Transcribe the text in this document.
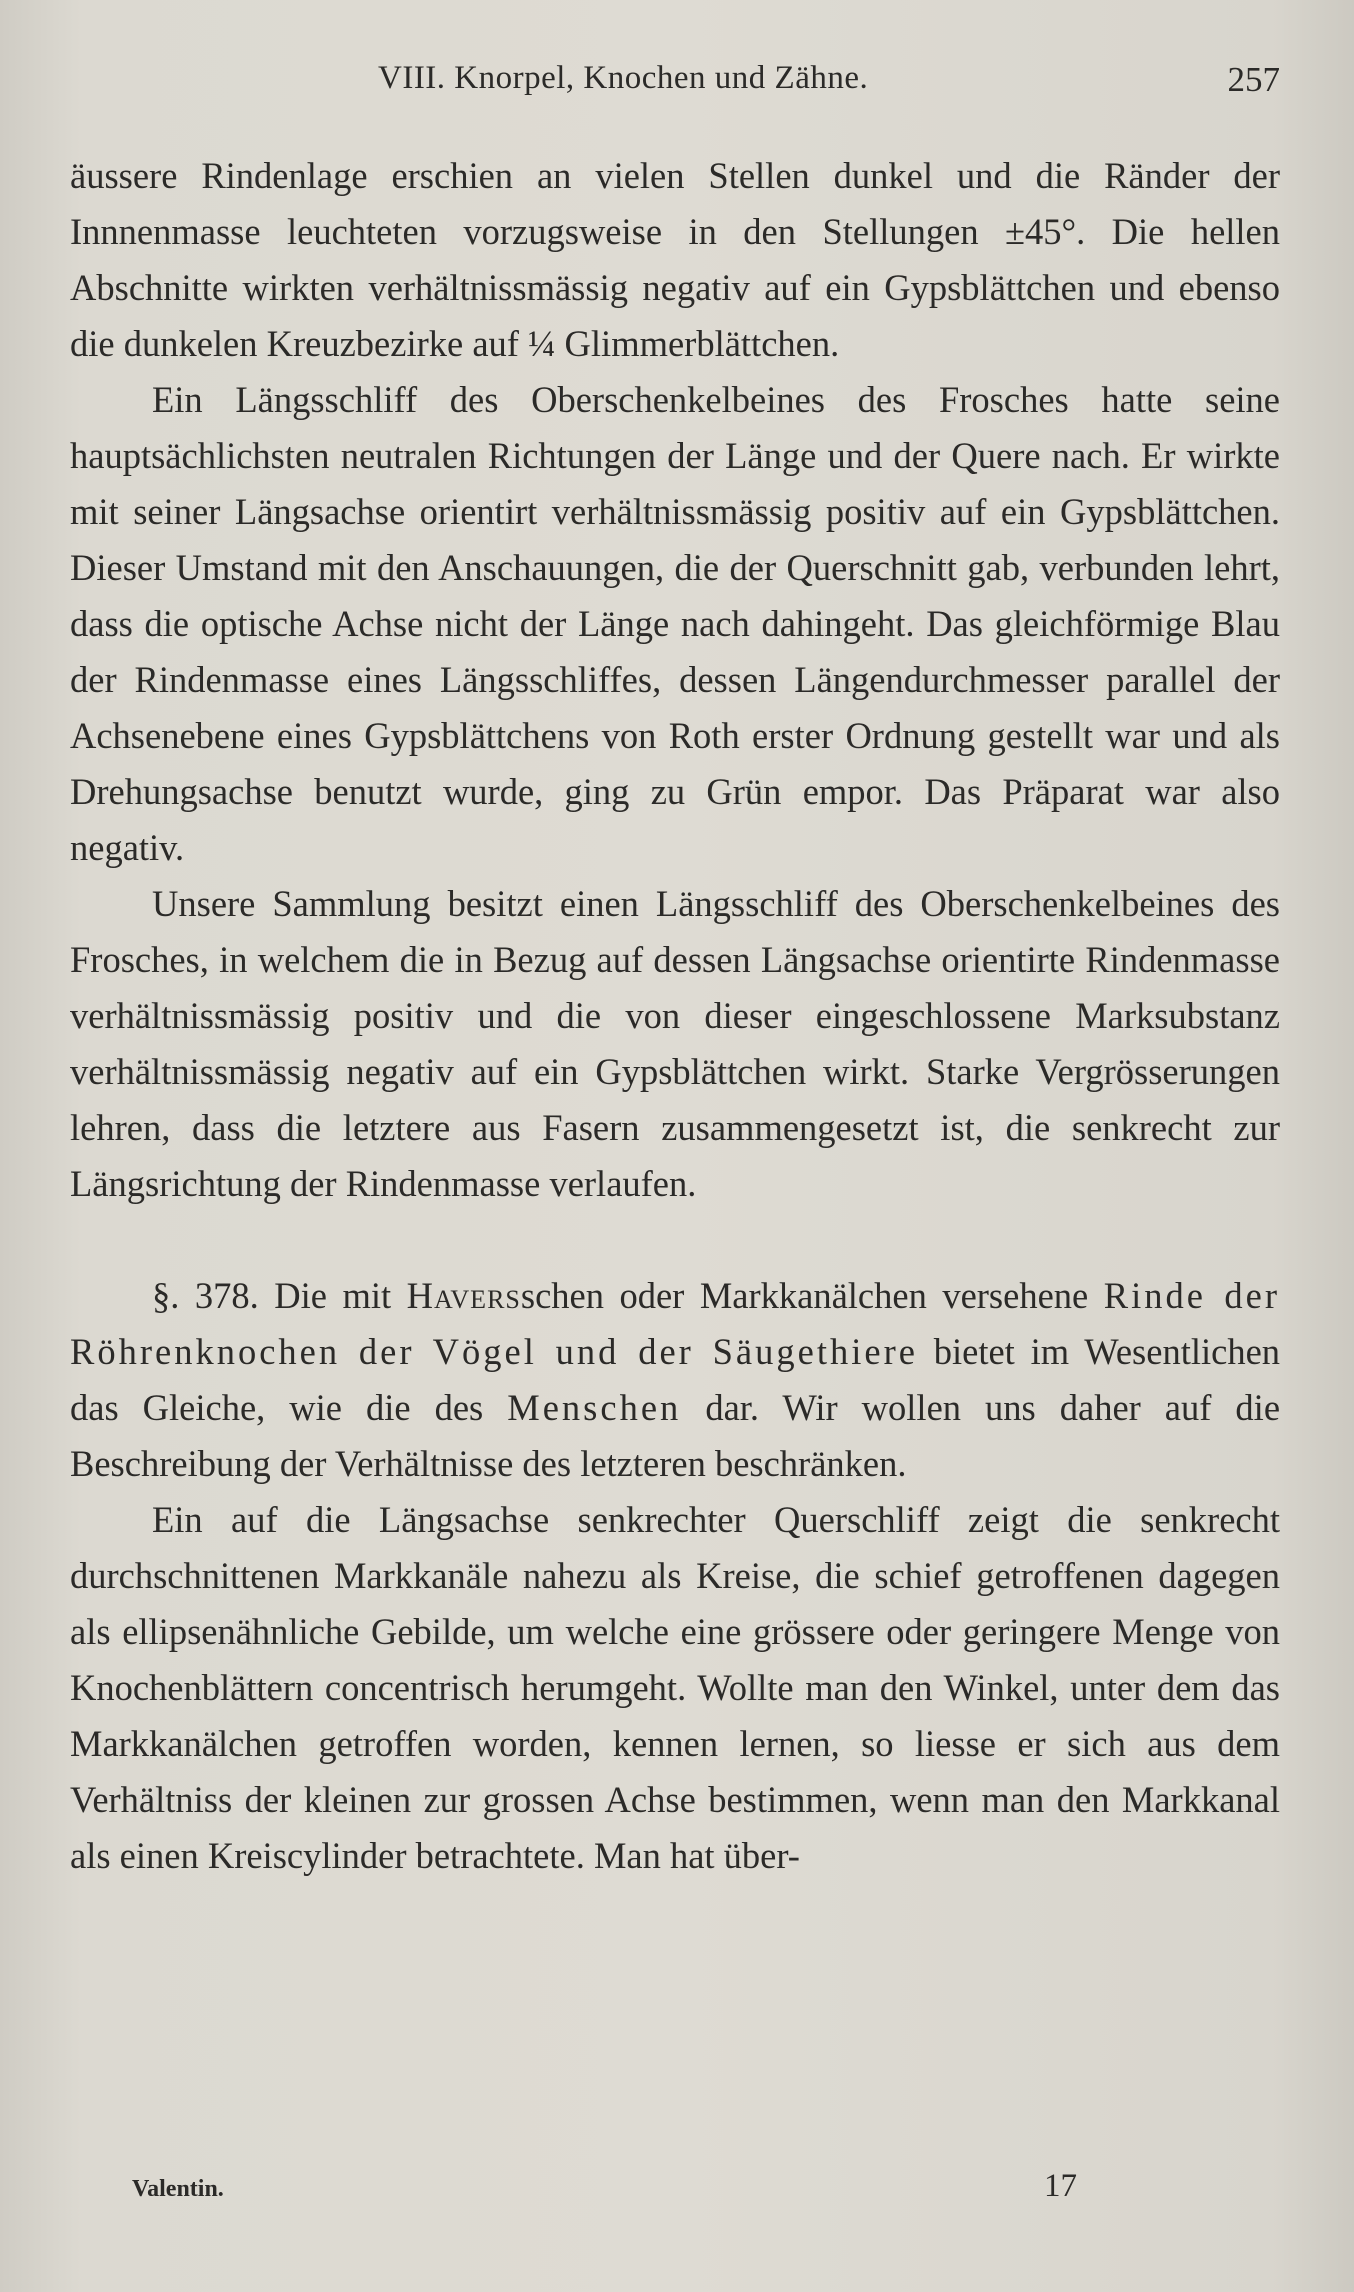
VIII. Knorpel, Knochen und Zähne.	257

äussere Rindenlage erschien an vielen Stellen dunkel und die Ränder der Innnenmasse leuchteten vorzugsweise in den Stellungen ±45°. Die hellen Abschnitte wirkten verhältnissmässig negativ auf ein Gypsblättchen und ebenso die dunkelen Kreuzbezirke auf ¼ Glimmerblättchen.

Ein Längsschliff des Oberschenkelbeines des Frosches hatte seine hauptsächlichsten neutralen Richtungen der Länge und der Quere nach. Er wirkte mit seiner Längsachse orientirt verhältnissmässig positiv auf ein Gypsblättchen. Dieser Umstand mit den Anschauungen, die der Querschnitt gab, verbunden lehrt, dass die optische Achse nicht der Länge nach dahingeht. Das gleichförmige Blau der Rindenmasse eines Längsschliffes, dessen Längendurchmesser parallel der Achsenebene eines Gypsblättchens von Roth erster Ordnung gestellt war und als Drehungsachse benutzt wurde, ging zu Grün empor. Das Präparat war also negativ.

Unsere Sammlung besitzt einen Längsschliff des Oberschenkelbeines des Frosches, in welchem die in Bezug auf dessen Längsachse orientirte Rindenmasse verhältnissmässig positiv und die von dieser eingeschlossene Marksubstanz verhältnissmässig negativ auf ein Gypsblättchen wirkt. Starke Vergrösserungen lehren, dass die letztere aus Fasern zusammengesetzt ist, die senkrecht zur Längsrichtung der Rindenmasse verlaufen.

§. 378. Die mit Haversschen oder Markkanälchen versehene Rinde der Röhrenknochen der Vögel und der Säugethiere bietet im Wesentlichen das Gleiche, wie die des Menschen dar. Wir wollen uns daher auf die Beschreibung der Verhältnisse des letzteren beschränken.

Ein auf die Längsachse senkrechter Querschliff zeigt die senkrecht durchschnittenen Markkanäle nahezu als Kreise, die schief getroffenen dagegen als ellipsenähnliche Gebilde, um welche eine grössere oder geringere Menge von Knochenblättern concentrisch herumgeht. Wollte man den Winkel, unter dem das Markkanälchen getroffen worden, kennen lernen, so liesse er sich aus dem Verhältniss der kleinen zur grossen Achse bestimmen, wenn man den Markkanal als einen Kreiscylinder betrachtete. Man hat über-

Valentin.	17
